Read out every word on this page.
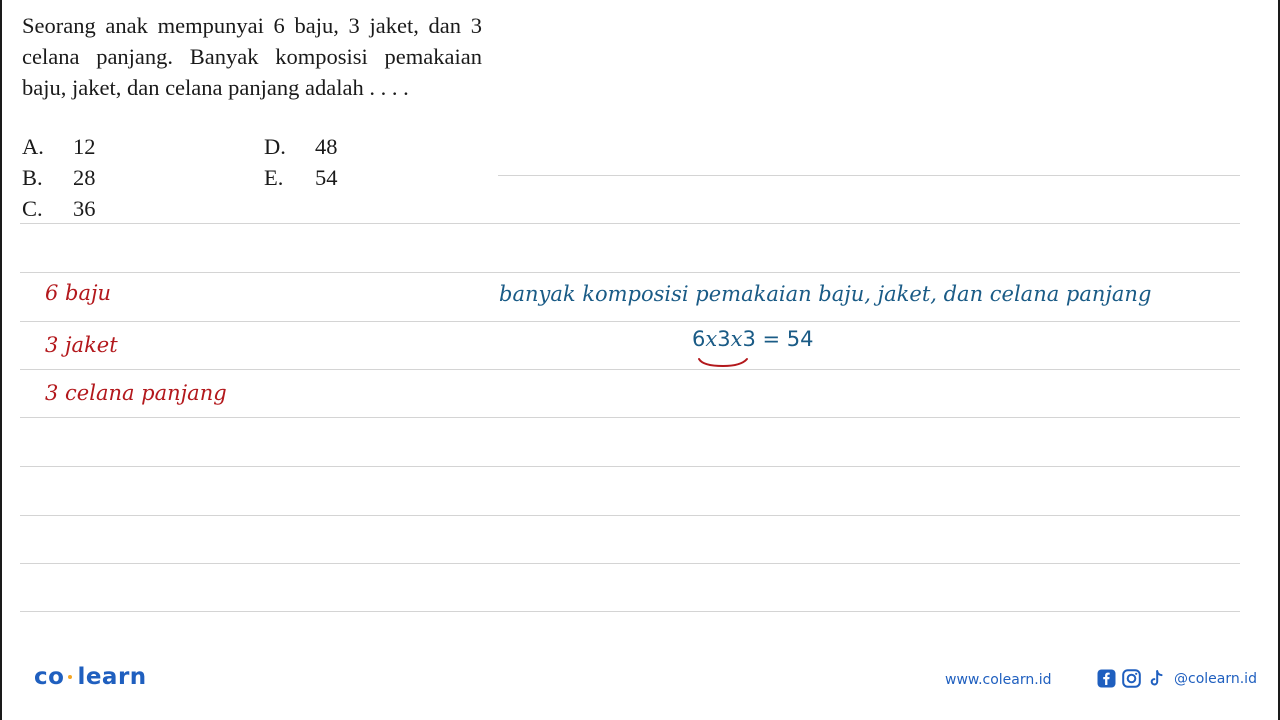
Seorang anak mempunyai 6 baju, 3 jaket, dan 3 celana panjang. Banyak komposisi pemakaian baju, jaket, dan celana panjang adalah . . . .

A.	12
B.	28
C.	36
D.	48
E.	54
6 baju
3 jaket
3 celana panjang
banyak komposisi pemakaian baju, jaket, dan celana panjang
6x3x3 = 54
co learn	www.colearn.id	@colearn.id
